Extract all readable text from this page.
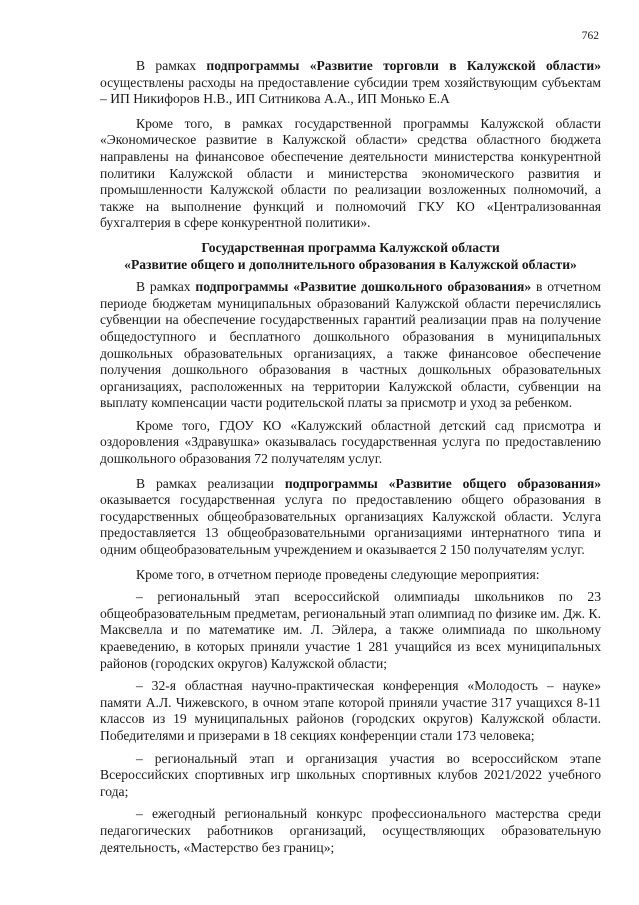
762

В рамках подпрограммы «Развитие торговли в Калужской области» осуществлены расходы на предоставление субсидии трем хозяйствующим субъектам – ИП Никифоров Н.В., ИП Ситникова А.А., ИП Монько Е.А

Кроме того, в рамках государственной программы Калужской области «Экономическое развитие в Калужской области» средства областного бюджета направлены на финансовое обеспечение деятельности министерства конкурентной политики Калужской области и министерства экономического развития и промышленности Калужской области по реализации возложенных полномочий, а также на выполнение функций и полномочий ГКУ КО «Централизованная бухгалтерия в сфере конкурентной политики».

Государственная программа Калужской области
«Развитие общего и дополнительного образования в Калужской области»

В рамках подпрограммы «Развитие дошкольного образования» в отчетном периоде бюджетам муниципальных образований Калужской области перечислялись субвенции на обеспечение государственных гарантий реализации прав на получение общедоступного и бесплатного дошкольного образования в муниципальных дошкольных образовательных организациях, а также финансовое обеспечение получения дошкольного образования в частных дошкольных образовательных организациях, расположенных на территории Калужской области, субвенции на выплату компенсации части родительской платы за присмотр и уход за ребенком.

Кроме того, ГДОУ КО «Калужский областной детский сад присмотра и оздоровления «Здравушка» оказывалась государственная услуга по предоставлению дошкольного образования 72 получателям услуг.

В рамках реализации подпрограммы «Развитие общего образования» оказывается государственная услуга по предоставлению общего образования в государственных общеобразовательных организациях Калужской области. Услуга предоставляется 13 общеобразовательными организациями интернатного типа и одним общеобразовательным учреждением и оказывается 2 150 получателям услуг.

Кроме того, в отчетном периоде проведены следующие мероприятия:

– региональный этап всероссийской олимпиады школьников по 23 общеобразовательным предметам, региональный этап олимпиад по физике им. Дж. К. Максвелла и по математике им. Л. Эйлера, а также олимпиада по школьному краеведению, в которых приняли участие 1 281 учащийся из всех муниципальных районов (городских округов) Калужской области;

– 32-я областная научно-практическая конференция «Молодость – науке» памяти А.Л. Чижевского, в очном этапе которой приняли участие 317 учащихся 8-11 классов из 19 муниципальных районов (городских округов) Калужской области. Победителями и призерами в 18 секциях конференции стали 173 человека;

– региональный этап и организация участия во всероссийском этапе Всероссийских спортивных игр школьных спортивных клубов 2021/2022 учебного года;

– ежегодный региональный конкурс профессионального мастерства среди педагогических работников организаций, осуществляющих образовательную деятельность, «Мастерство без границ»;
